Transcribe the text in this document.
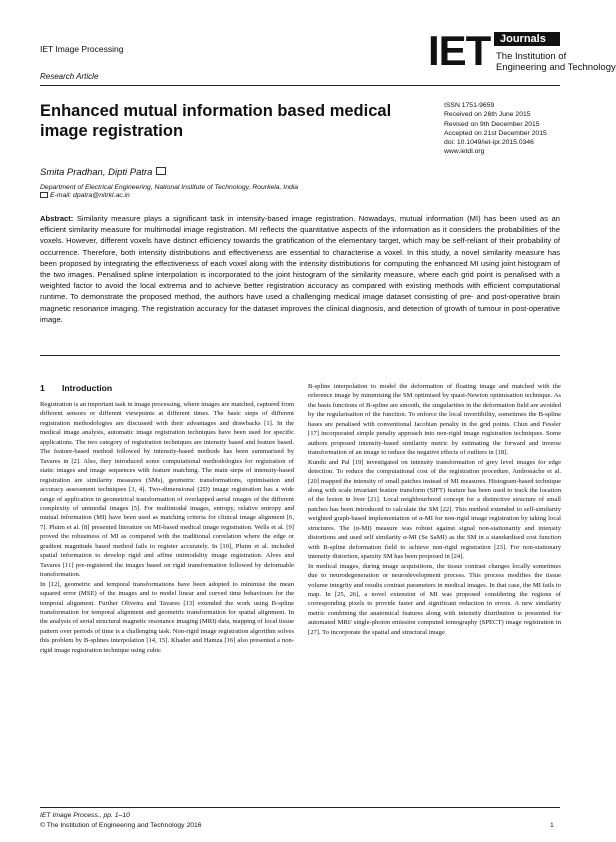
IET Image Processing
Research Article
IET Journals
The Institution of
Engineering and Technology
Enhanced mutual information based medical image registration
ISSN 1751-9659
Received on 26th June 2015
Revised on 9th December 2015
Accepted on 21st December 2015
doi: 10.1049/iet-ipr.2015.0346
www.ietdl.org
Smita Pradhan, Dipti Patra
Department of Electrical Engineering, National Institute of Technology, Rourkela, India
E-mail: dpatra@nitrkl.ac.in
Abstract: Similarity measure plays a significant task in intensity-based image registration. Nowadays, mutual information (MI) has been used as an efficient similarity measure for multimodal image registration. MI reflects the quantitative aspects of the information as it considers the probabilities of the voxels. However, different voxels have distinct efficiency towards the gratification of the elementary target, which may be self-reliant of their probability of occurrence. Therefore, both intensity distributions and effectiveness are essential to characterise a voxel. In this study, a novel similarity measure has been proposed by integrating the effectiveness of each voxel along with the intensity distributions for computing the enhanced MI using joint histogram of the two images. Penalised spline interpolation is incorporated to the joint histogram of the similarity measure, where each grid point is penalised with a weighted factor to avoid the local extrema and to achieve better registration accuracy as compared with existing methods with efficient computational runtime. To demonstrate the proposed method, the authors have used a challenging medical image dataset consisting of pre- and post-operative brain magnetic resonance imaging. The registration accuracy for the dataset improves the clinical diagnosis, and detection of growth of tumour in post-operative image.
1 Introduction
Registration is an important task in image processing, where images are matched, captured from different sensors or different viewpoints at different times. The basic steps of different registration methodologies are discussed with their advantages and drawbacks [1]. In the medical image analysis, automatic image registration techniques have been used for specific applications. The two category of registration techniques are intensity based and feature based. The feature-based method followed by intensity-based methods has been summarised by Tavares in [2]. Also, they introduced some computational methodologies for registration of static images and image sequences with feature matching. The main steps of intensity-based registration are similarity measures (SMs), geometric transformations, optimisation and accuracy assessment techniques [3, 4]. Two-dimensional (2D) image registration has a wide range of application in geometrical transformation of overlapped aerial images of the different complexity of unimodal images [5]. For multimodal images, entropy, relative entropy and mutual information (MI) have been used as matching criteria for clinical image alignment [6, 7]. Pluim et al. [8] presented literature on MI-based medical image registration. Wells et al. [9] proved the robustness of MI as compared with the traditional correlation where the edge or gradient magnitude based method fails to register accurately. In [10], Pluim et al. included spatial information to develop rigid and affine unimodality image registration. Alves and Tavares [11] pre-registered the images based on rigid transformation followed by deformable transformation.
In [12], geometric and temporal transformations have been adopted to minimise the mean squared error (MSE) of the images and to model linear and curved time behaviours for the temporal alignment. Further Oliveira and Tavares [13] extended the work using B-spline transformation for temporal alignment and geometric transformation for spatial alignment. In the analysis of serial structural magnetic resonance imaging (MRI) data, mapping of local tissue pattern over periods of time is a challenging task. Non-rigid image registration algorithm solves this problem by B-splines interpolation [14, 15]. Khader and Hamza [16] also presented a non-rigid image registration technique using cubic
B-spline interpolation to model the deformation of floating image and matched with the reference image by minimising the SM optimised by quasi-Newton optimisation technique. As the basis functions of B-spline are smooth, the singularities in the deformation field are avoided by the regularisation of the function. To enforce the local invertibility, sometimes the B-spline bases are penalised with conventional Jacobian penalty in the grid points. Chun and Fessler [17] incorporated simple penalty approach into non-rigid image registration techniques. Some authors proposed intensity-based similarity metric by estimating the forward and inverse transformation of an image to reduce the negative effects of outliers in [18].
Kundu and Pal [19] investigated on intensity transformation of grey level images for edge detection. To reduce the computational cost of the registration procedure, Andronache et al. [20] mapped the intensity of small patches instead of MI measures. Histogram-based technique along with scale invariant feature transform (SIFT) feature has been used to track the location of the lesion in liver [21]. Local neighbourhood concept for a distinctive structure of small patches has been introduced to calculate the SM [22]. This method extended to self-similarity weighted graph-based implementation of α-MI for non-rigid image registration by taking local structures. The (α-MI) measure was robust against signal non-stationarity and intensity distortions and used self similarity α-MI (Se SaMI) as the SM in a standardised cost function with B-spline deformation field to achieve non-rigid registration [23]. For non-stationary intensity distortion, sparsity SM has been proposed in [24].
In medical images, during image acquisitions, the tissue contrast changes locally sometimes due to neurodegeneration or neurodevelopment process. This process modifies the tissue volume integrity and results contrast parameters in medical images. In that case, the MI fails to map. In [25, 26], a novel extension of MI was proposed considering the regions of corresponding pixels to provide faster and significant reduction in errors. A new similarity metric combining the anatomical features along with intensity distribution is presented for automated MRI/ single-photon emission computed tomography (SPECT) image registration in [27]. To incorporate the spatial and structural image
IET Image Process., pp. 1–10
© The Institution of Engineering and Technology 2016	1
